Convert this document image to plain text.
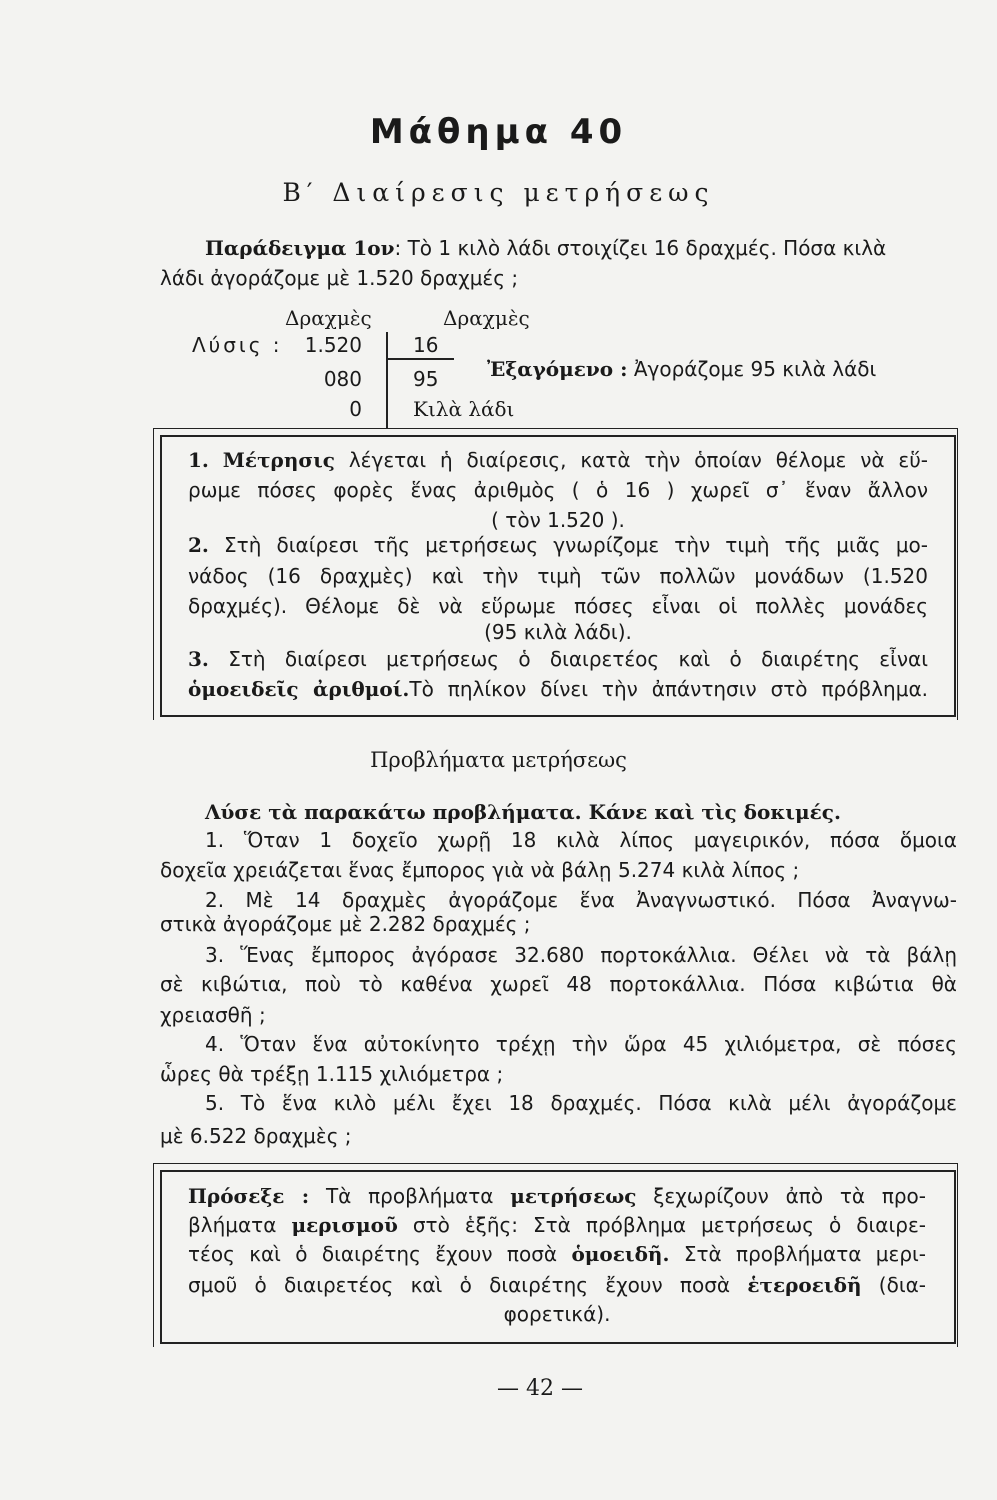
Μάθημα 40
Β′ Διαίρεσις μετρήσεως
Παράδειγμα 1ον: Τὸ 1 κιλὸ λάδι στοιχίζει 16 δραχμές. Πόσα κιλὰ
λάδι ἀγοράζομε μὲ 1.520 δραχμές ;
Δραχμὲς	Δραχμὲς
Λύσις : 1.520
080
0
16
95
Κιλὰ λάδι
Ἐξαγόμενο : Ἀγοράζομε 95 κιλὰ λάδι
1. Μέτρησις λέγεται ἡ διαίρεσις, κατὰ τὴν ὁποίαν θέλομε νὰ εὕ-
ρωμε πόσες φορὲς ἕνας ἀριθμὸς ( ὁ 16 ) χωρεῖ σ᾽ ἕναν ἄλλον
( τὸν 1.520 ).
2. Στὴ διαίρεσι τῆς μετρήσεως γνωρίζομε τὴν τιμὴ τῆς μιᾶς μο-
νάδος (16 δραχμὲς) καὶ τὴν τιμὴ τῶν πολλῶν μονάδων (1.520
δραχμές). Θέλομε δὲ νὰ εὕρωμε πόσες εἶναι οἱ πολλὲς μονάδες
(95 κιλὰ λάδι).
3. Στὴ διαίρεσι μετρήσεως ὁ διαιρετέος καὶ ὁ διαιρέτης εἶναι
ὁμοειδεῖς ἀριθμοί.Τὸ πηλίκον δίνει τὴν ἀπάντησιν στὸ πρόβλημα.
Προβλήματα μετρήσεως
Λύσε τὰ παρακάτω προβλήματα. Κάνε καὶ τὶς δοκιμές.
1. Ὅταν 1 δοχεῖο χωρῇ 18 κιλὰ λίπος μαγειρικόν, πόσα ὅμοια
δοχεῖα χρειάζεται ἕνας ἔμπορος γιὰ νὰ βάλῃ 5.274 κιλὰ λίπος ;
2. Μὲ 14 δραχμὲς ἀγοράζομε ἕνα Ἀναγνωστικό. Πόσα Ἀναγνω-
στικὰ ἀγοράζομε μὲ 2.282 δραχμές ;
3. Ἕνας ἔμπορος ἀγόρασε 32.680 πορτοκάλλια. Θέλει νὰ τὰ βάλῃ
σὲ κιβώτια, ποὺ τὸ καθένα χωρεῖ 48 πορτοκάλλια. Πόσα κιβώτια θὰ
χρειασθῆ ;
4. Ὅταν ἕνα αὐτοκίνητο τρέχῃ τὴν ὥρα 45 χιλιόμετρα, σὲ πόσες
ὧρες θὰ τρέξῃ 1.115 χιλιόμετρα ;
5. Τὸ ἕνα κιλὸ μέλι ἔχει 18 δραχμές. Πόσα κιλὰ μέλι ἀγοράζομε
μὲ 6.522 δραχμὲς ;
Πρόσεξε : Τὰ προβλήματα μετρήσεως ξεχωρίζουν ἀπὸ τὰ προ-
βλήματα μερισμοῦ στὸ ἑξῆς: Στὰ πρόβλημα μετρήσεως ὁ διαιρε-
τέος καὶ ὁ διαιρέτης ἔχουν ποσὰ ὁμοειδῆ. Στὰ προβλήματα μερι-
σμοῦ ὁ διαιρετέος καὶ ὁ διαιρέτης ἔχουν ποσὰ ἑτεροειδῆ (δια-
φορετικά).
— 42 —
